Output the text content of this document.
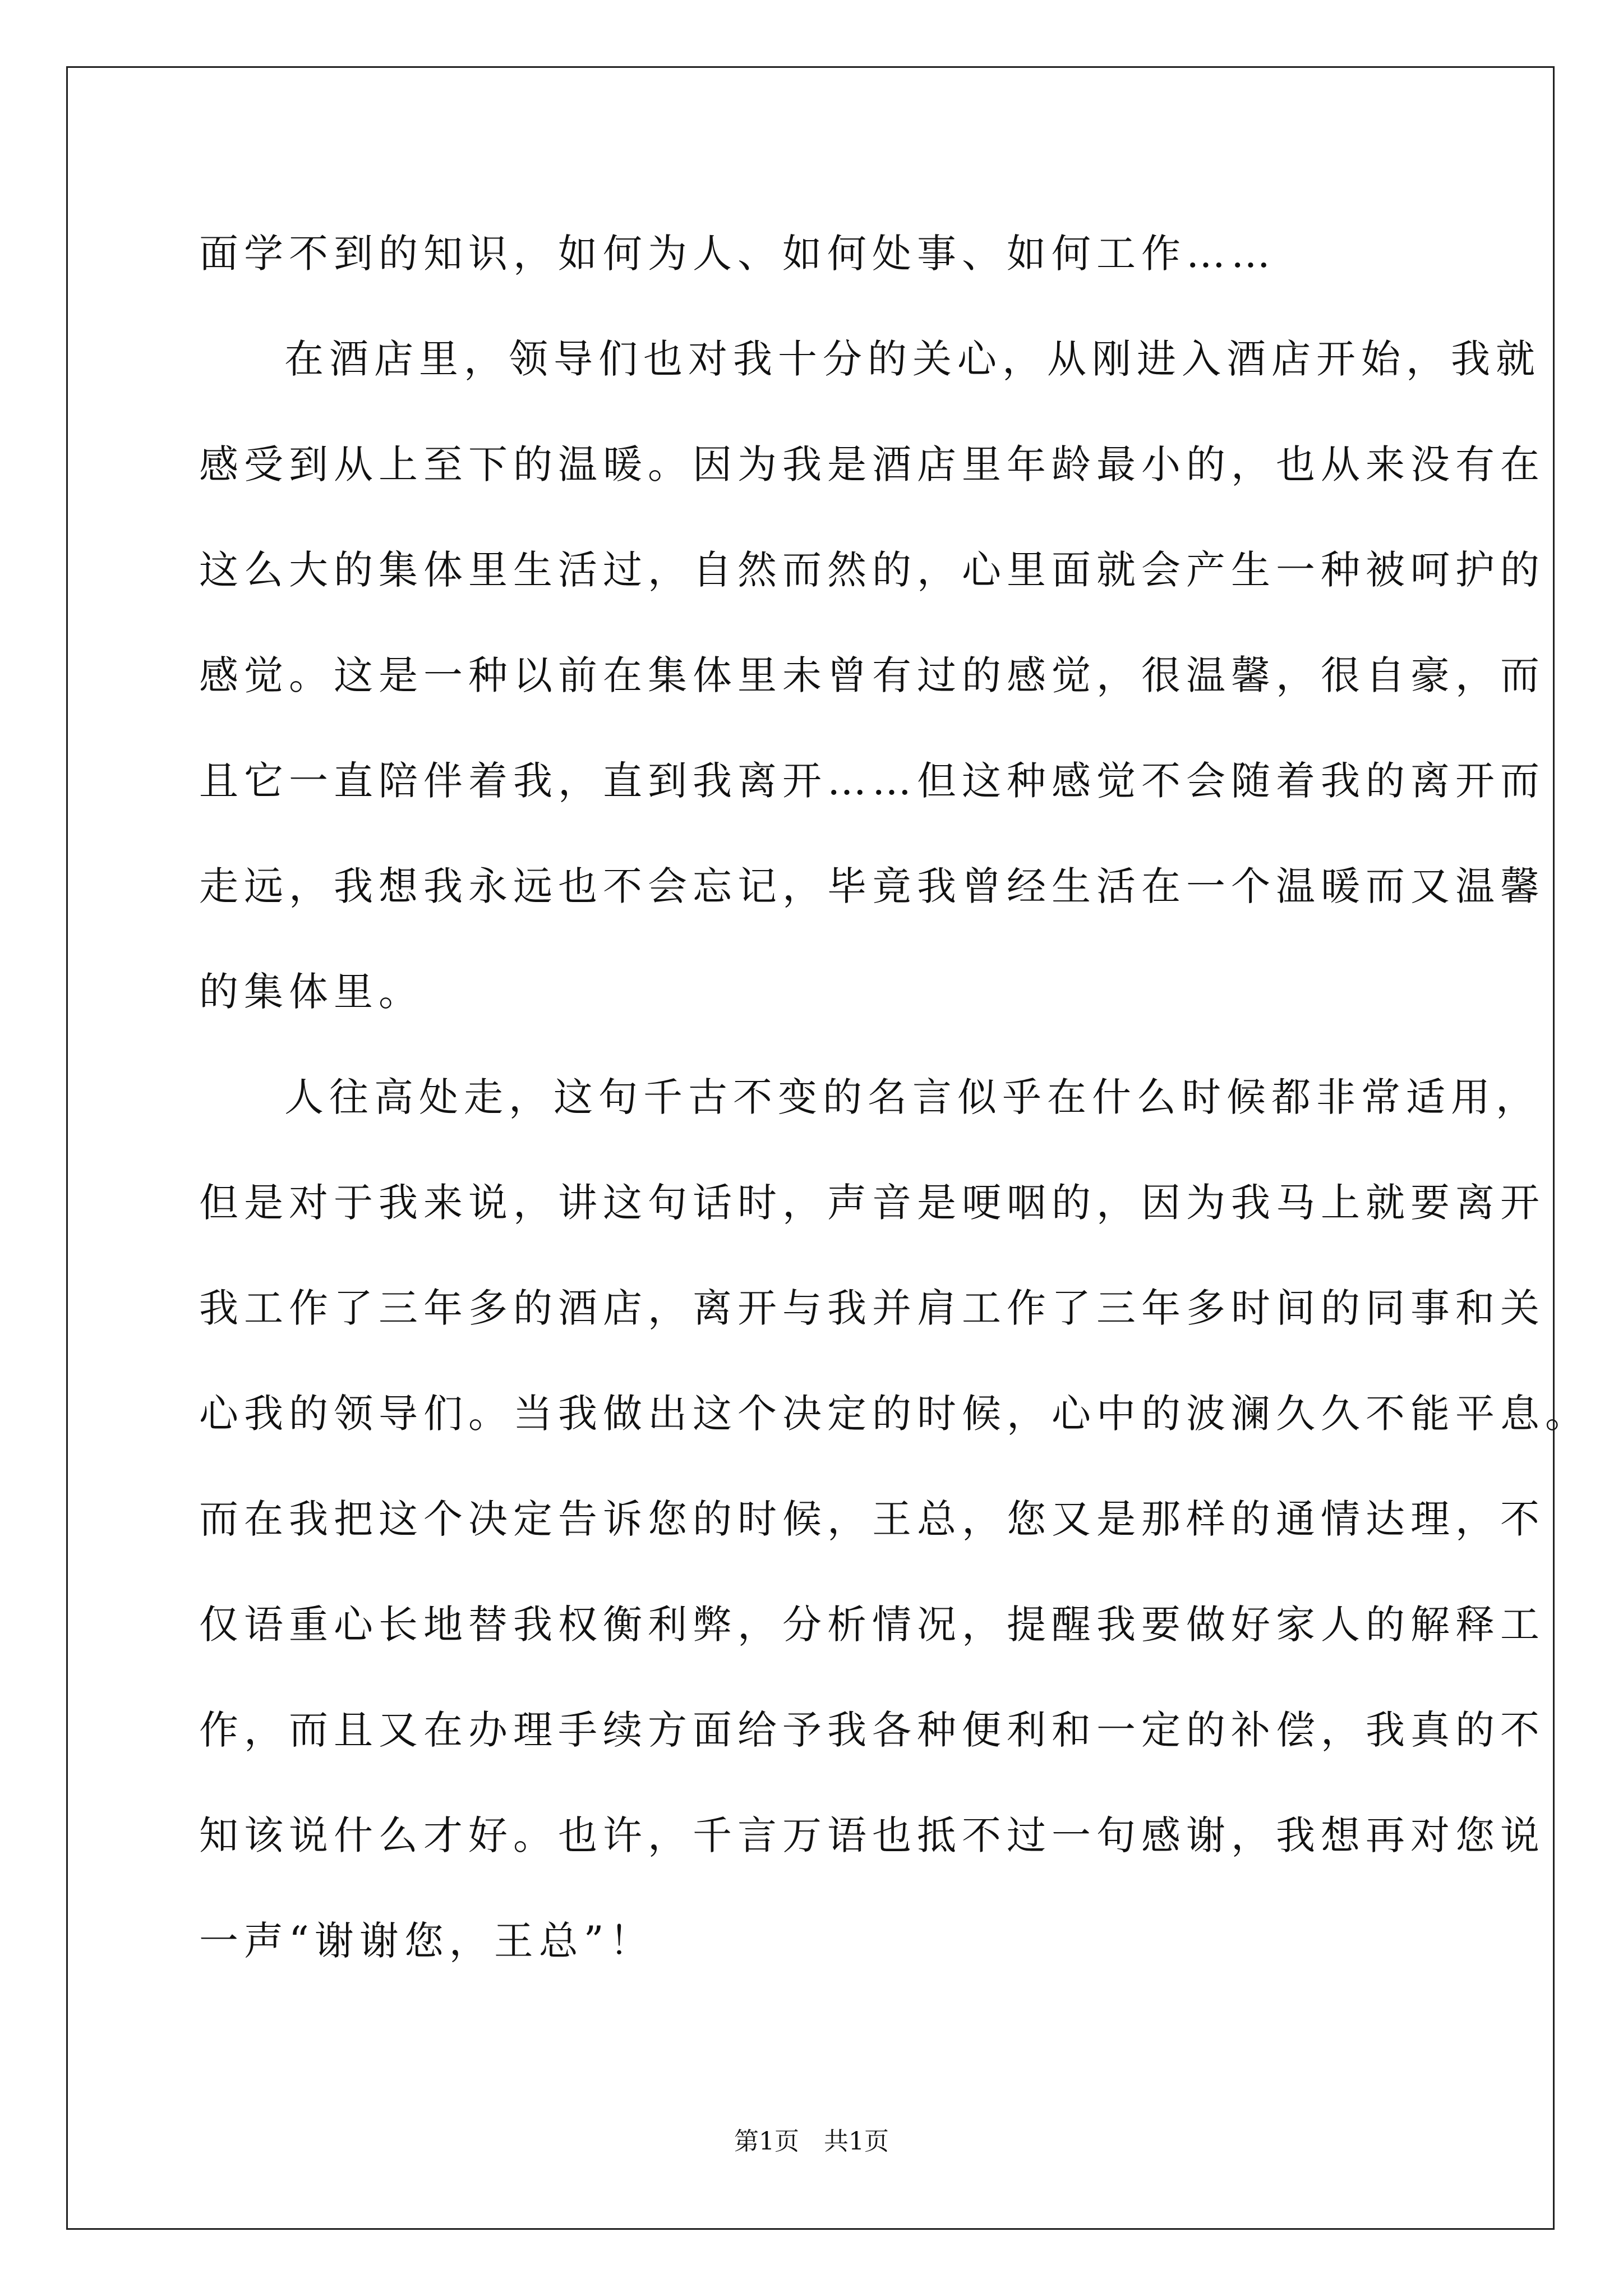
面学不到的知识，如何为人、如何处事、如何工作……
在酒店里，领导们也对我十分的关心，从刚进入酒店开始，我就
感受到从上至下的温暖。因为我是酒店里年龄最小的，也从来没有在
这么大的集体里生活过，自然而然的，心里面就会产生一种被呵护的
感觉。这是一种以前在集体里未曾有过的感觉，很温馨，很自豪，而
且它一直陪伴着我，直到我离开……但这种感觉不会随着我的离开而
走远，我想我永远也不会忘记，毕竟我曾经生活在一个温暖而又温馨
的集体里。
人往高处走，这句千古不变的名言似乎在什么时候都非常适用，
但是对于我来说，讲这句话时，声音是哽咽的，因为我马上就要离开
我工作了三年多的酒店，离开与我并肩工作了三年多时间的同事和关
心我的领导们。当我做出这个决定的时候，心中的波澜久久不能平息。
而在我把这个决定告诉您的时候，王总，您又是那样的通情达理，不
仅语重心长地替我权衡利弊，分析情况，提醒我要做好家人的解释工
作，而且又在办理手续方面给予我各种便利和一定的补偿，我真的不
知该说什么才好。也许，千言万语也抵不过一句感谢，我想再对您说
一声“谢谢您，王总”！
第1页　共1页
